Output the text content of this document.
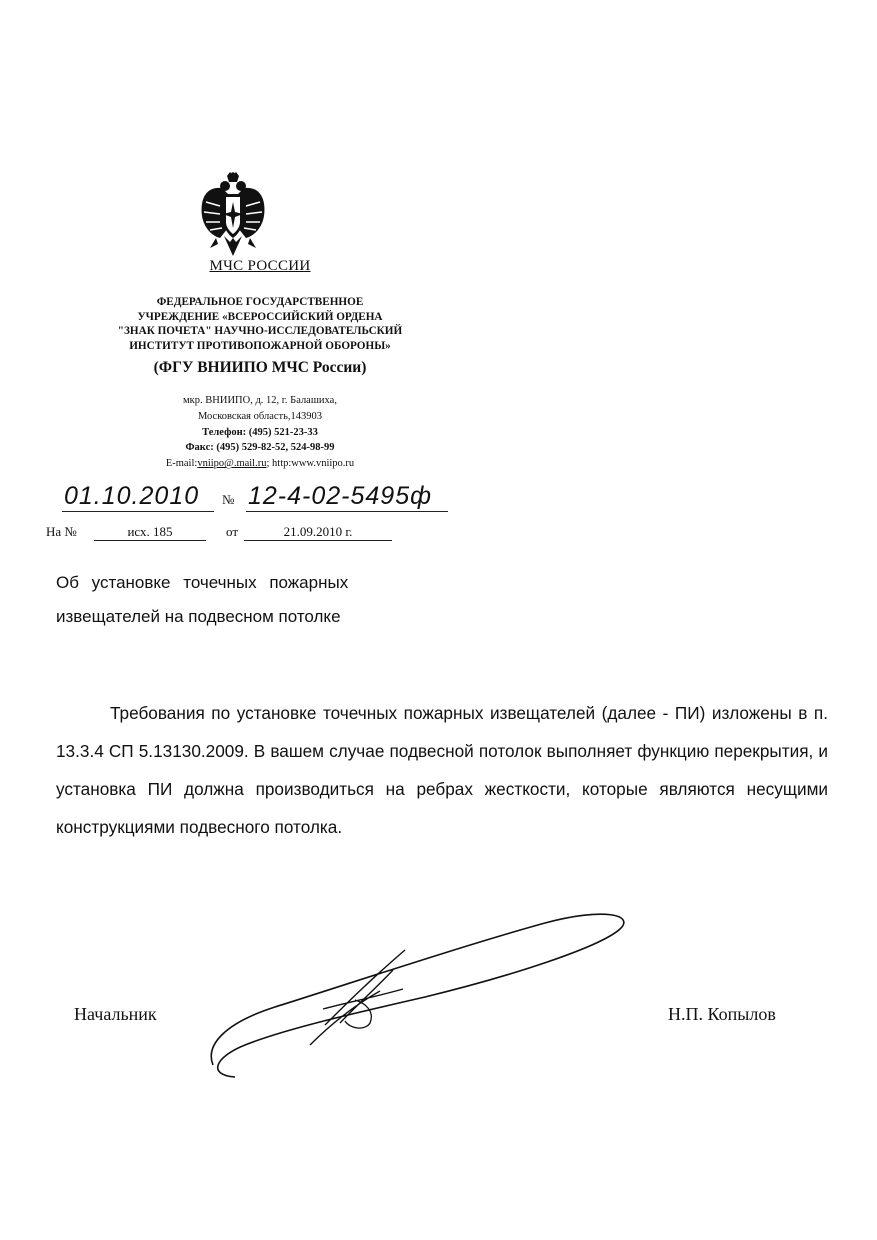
МЧС РОССИИ
ФЕДЕРАЛЬНОЕ ГОСУДАРСТВЕННОЕ
УЧРЕЖДЕНИЕ «ВСЕРОССИЙСКИЙ ОРДЕНА
"ЗНАК ПОЧЕТА" НАУЧНО-ИССЛЕДОВАТЕЛЬСКИЙ
ИНСТИТУТ ПРОТИВОПОЖАРНОЙ ОБОРОНЫ»
(ФГУ ВНИИПО МЧС России)
мкр. ВНИИПО, д. 12, г. Балашиха,
Московская область,143903
Телефон: (495) 521-23-33
Факс: (495) 529-82-52, 524-98-99
E-mail:vniipo@.mail.ru; http:www.vniipo.ru
01.10.2010	№ 12-4-02-5495ф
На №	исх. 185	от	21.09.2010 г.
Об установке точечных пожарных
извещателей на подвесном потолке

Требования по установке точечных пожарных извещателей (далее - ПИ) изложены в п. 13.3.4 СП 5.13130.2009. В вашем случае подвесной потолок выполняет функцию перекрытия, и установка ПИ должна производиться на ребрах жесткости, которые являются несущими конструкциями подвесного потолка.

Начальник	Н.П. Копылов
